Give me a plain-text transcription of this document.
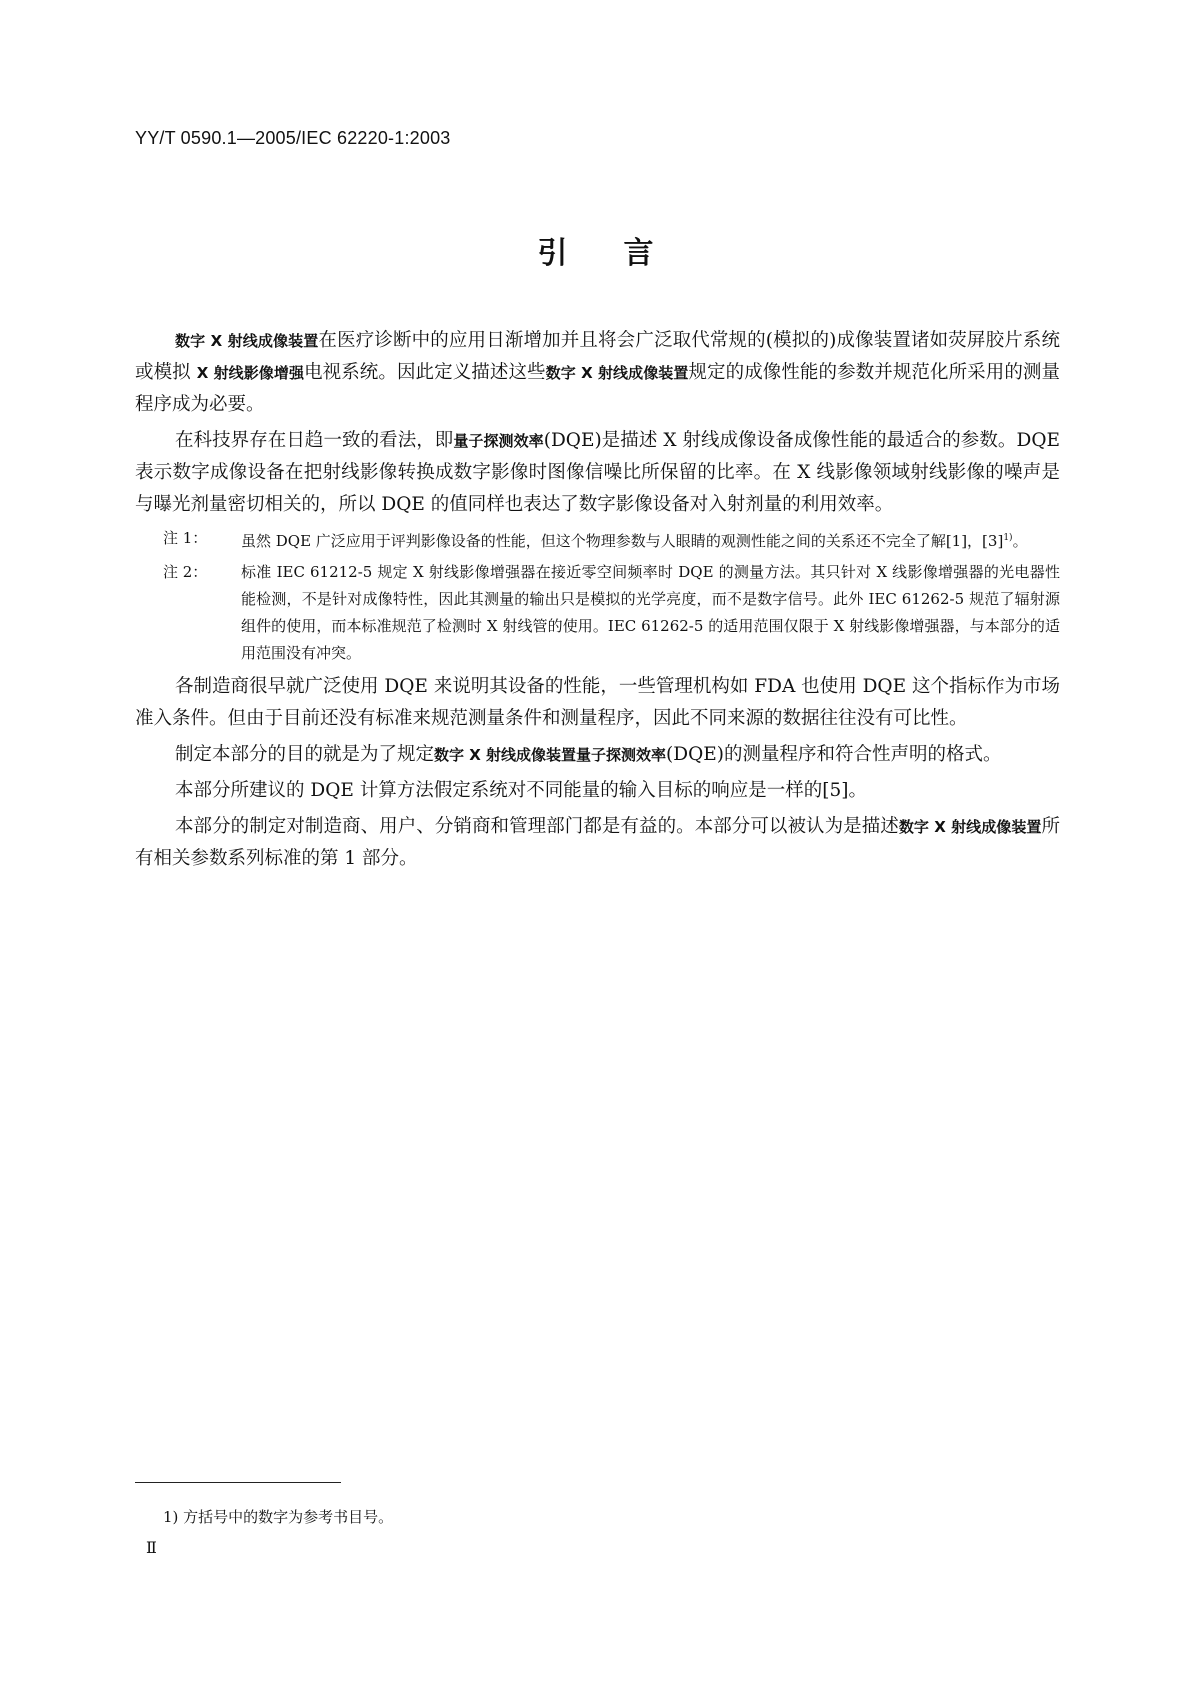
YY/T 0590.1—2005/IEC 62220-1:2003
引言

数字 X 射线成像装置在医疗诊断中的应用日渐增加并且将会广泛取代常规的(模拟的)成像装置诸如荧屏胶片系统或模拟 X 射线影像增强电视系统。因此定义描述这些数字 X 射线成像装置规定的成像性能的参数并规范化所采用的测量程序成为必要。

在科技界存在日趋一致的看法，即量子探测效率(DQE)是描述 X 射线成像设备成像性能的最适合的参数。DQE 表示数字成像设备在把射线影像转换成数字影像时图像信噪比所保留的比率。在 X 线影像领域射线影像的噪声是与曝光剂量密切相关的，所以 DQE 的值同样也表达了数字影像设备对入射剂量的利用效率。

注 1： 虽然 DQE 广泛应用于评判影像设备的性能，但这个物理参数与人眼睛的观测性能之间的关系还不完全了解[1]，$[3]^{1)}$。
注 2： 标准 IEC 61212-5 规定 X 射线影像增强器在接近零空间频率时 DQE 的测量方法。其只针对 X 线影像增强器的光电器性能检测，不是针对成像特性，因此其测量的输出只是模拟的光学亮度，而不是数字信号。此外 IEC 61262-5 规范了辐射源组件的使用，而本标准规范了检测时 X 射线管的使用。IEC 61262-5 的适用范围仅限于 X 射线影像增强器，与本部分的适用范围没有冲突。

各制造商很早就广泛使用 DQE 来说明其设备的性能，一些管理机构如 FDA 也使用 DQE 这个指标作为市场准入条件。但由于目前还没有标准来规范测量条件和测量程序，因此不同来源的数据往往没有可比性。

制定本部分的目的就是为了规定数字 X 射线成像装置量子探测效率(DQE)的测量程序和符合性声明的格式。

本部分所建议的 DQE 计算方法假定系统对不同能量的输入目标的响应是一样的[5]。

本部分的制定对制造商、用户、分销商和管理部门都是有益的。本部分可以被认为是描述数字 X 射线成像装置所有相关参数系列标准的第 1 部分。

1) 方括号中的数字为参考书目号。
Ⅱ
